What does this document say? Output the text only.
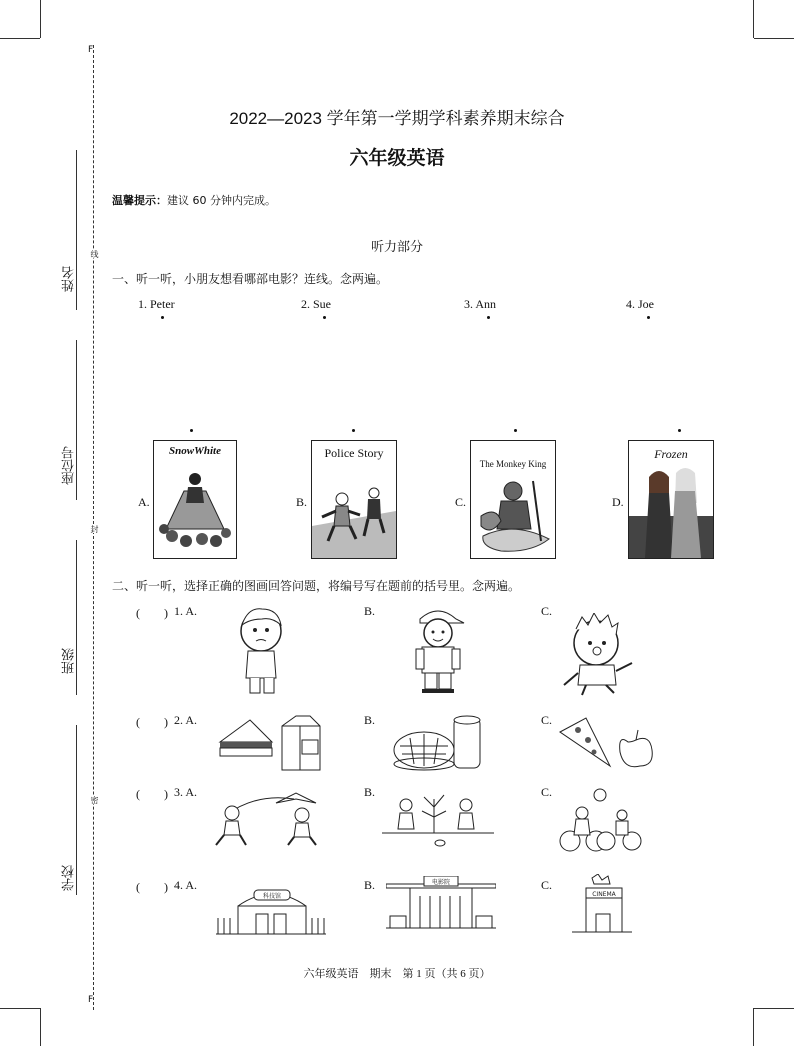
F
F
姓名
座位号
班级
学校
线
封
密
2022—2023 学年第一学期学科素养期末综合
六年级英语
温馨提示：建议 60 分钟内完成。
听力部分
一、听一听，小朋友想看哪部电影？连线。念两遍。
1. Peter	2. Sue	3. Ann	4. Joe
A.	B.	C.	D.
SnowWhite	Police Story
The Monkey King
Frozen
二、听一听，选择正确的图画回答问题，将编号写在题前的括号里。念两遍。
(　　) 1. A.	B.	C.
(　　) 2. A.	B.	C.
(　　) 3. A.	B.	C.
(　　) 4. A.	B.	C.
科技馆
电影院
CINEMA
六年级英语　期末　第 1 页（共 6 页）
